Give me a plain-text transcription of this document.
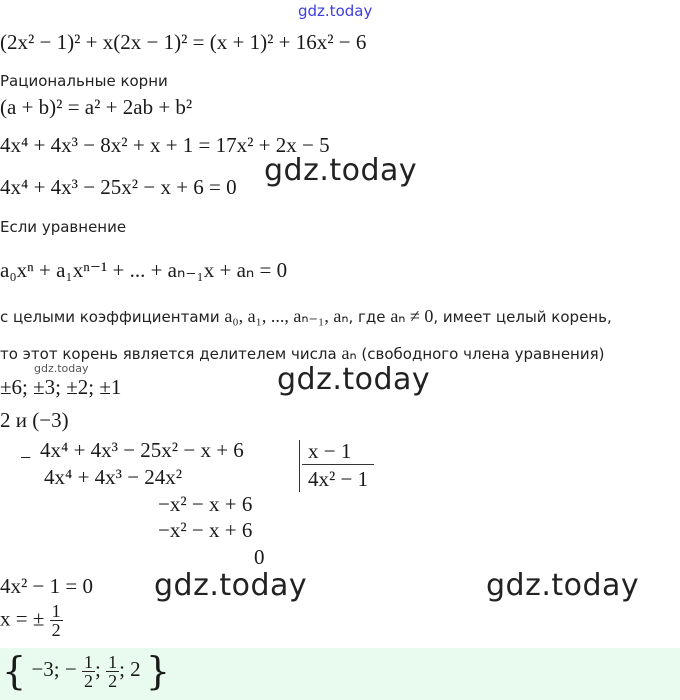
gdz.today
gdz.today
gdz.today
gdz.today	gdz.today
gdz.today
(2x² − 1)² + x(2x − 1)² = (x + 1)² + 16x² − 6
Рациональные корни
(a + b)² = a² + 2ab + b²
4x⁴ + 4x³ − 8x² + x + 1 = 17x² + 2x − 5
4x⁴ + 4x³ − 25x² − x + 6 = 0
Если уравнение
a₀xⁿ + a₁xⁿ⁻¹ + ... + aₙ₋₁x + aₙ = 0
с целыми коэффициентами a₀, a₁, ..., aₙ₋₁, aₙ, где aₙ ≠ 0, имеет целый корень,
то этот корень является делителем числа aₙ (свободного члена уравнения)
±6; ±3; ±2; ±1
2 и (−3)
− 4x⁴ + 4x³ − 25x² − x + 6
4x⁴ + 4x³ − 24x²
−x² − x + 6
−x² − x + 6
0
x − 1
4x² − 1
4x² − 1 = 0
x = ± $\frac{1}{2}$
{ −3; − $\frac{1}{2}$ ; $\frac{1}{2}$ ; 2 }
